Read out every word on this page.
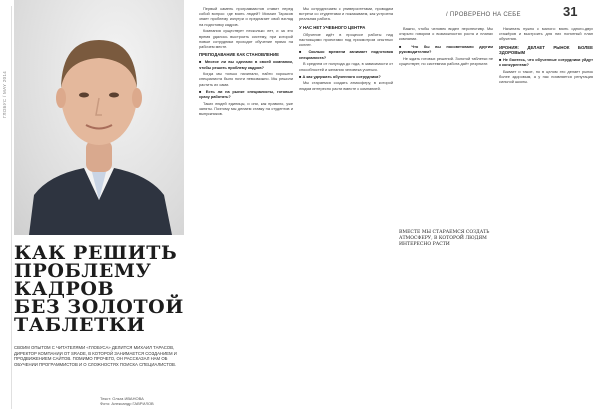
ГЛОБУС / MAY 2014
КАК РЕШИТЬ
ПРОБЛЕМУ
КАДРОВ
БЕЗ ЗОЛОТОЙ
ТАБЛЕТКИ
СВОИМ ОПЫТОМ С ЧИТАТЕЛЯМИ «ГЛОБУСА» ДЕЛИТСЯ МИХАИЛ ТАРАСОВ, ДИРЕКТОР КОМПАНИИ ОТ SRADE, В КОТОРОЙ ЗАНИМАЕТСЯ СОЗДАНИЕМ И ПРОДВИЖЕНИЕМ САЙТОВ. ПОМИМО ПРОЧЕГО, ОН РАССКАЗАЛ НАМ ОБ ОБУЧЕНИИ ПРОГРАММИСТОВ И О СЛОЖНОСТЯХ ПОИСКА СПЕЦИАЛИСТОВ.
Текст: Ольга ИВАНОВА
Фото: Александр ГАВРИЛОВ
/ ПРОВЕРЕНО НА СЕБЕ	31

Первый камень программистов ставит перед собой вопрос: где взять людей? Михаил Тарасов знает проблему изнутри и предлагает свой взгляд на подготовку кадров.

Компания существует несколько лет, и за это время удалось выстроить систему, при которой новые сотрудники проходят обучение прямо на рабочем месте.

ПРЕПОДАВАНИЕ КАК СТАНОВЛЕНИЕ

■ Многое ли вы сделали в своей компании, чтобы решить проблему кадров?

Когда мы только начинали, найти хорошего специалиста было почти невозможно. Мы решили растить их сами.

■ Есть ли на рынке специалисты, готовые сразу работать?

Таких людей единицы, и они, как правило, уже заняты. Поэтому мы делаем ставку на студентов и выпускников.

Мы сотрудничаем с университетами, проводим встречи со студентами и показываем, как устроена реальная работа.

У НАС НЕТ УЧЕБНОГО ЦЕНТРА

Обучение идёт в процессе работы над настоящими проектами под присмотром опытных коллег.

■ Сколько времени занимает подготовка специалиста?

В среднем от полугода до года, в зависимости от способностей и желания человека учиться.

■ А как удержать обученного сотрудника?

Мы стараемся создать атмосферу, в которой людям интересно расти вместе с компанией.

Важно, чтобы человек видел перспективу. Мы открыто говорим о возможностях роста и планах компании.

■ Что бы вы посоветовали другим руководителям?

Не ждать готовых решений. Золотой таблетки не существует, но системная работа даёт результат.

ВМЕСТЕ МЫ СТАРАЕМСЯ СОЗДАТЬ АТМОСФЕРУ, В КОТОРОЙ ЛЮДЯМ ИНТЕРЕСНО РАСТИ

Начинать нужно с малого: взять одного-двух стажёров и выстроить для них понятный план обучения.

ИРОНИЯ: ДЕЛАЕТ РЫНОК БОЛЕЕ ЗДОРОВЫМ

■ Не боитесь, что обученные сотрудники уйдут к конкурентам?

Бывает и такое, но в целом это делает рынок более здоровым, а у нас появляется репутация сильной школы.
